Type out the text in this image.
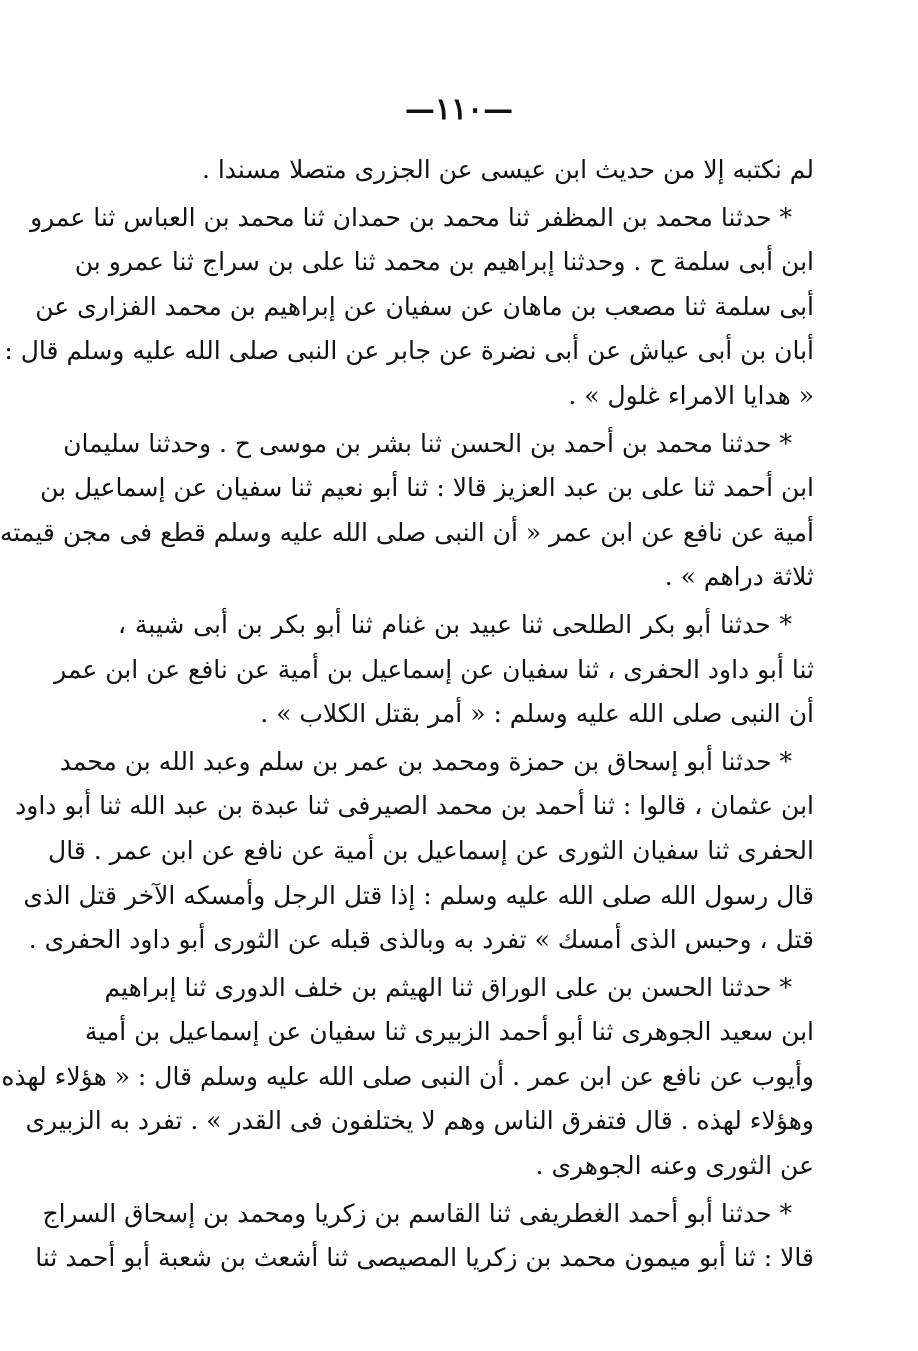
—١١٠—
لم نكتبه إلا من حديث ابن عيسى عن الجزرى متصلا مسندا .
* حدثنا محمد بن المظفر ثنا محمد بن حمدان ثنا محمد بن العباس ثنا عمرو
ابن أبى سلمة ح . وحدثنا إبراهيم بن محمد ثنا على بن سراج ثنا عمرو بن
أبى سلمة ثنا مصعب بن ماهان عن سفيان عن إبراهيم بن محمد الفزارى عن
أبان بن أبى عياش عن أبى نضرة عن جابر عن النبى صلى الله عليه وسلم قال :
« هدايا الامراء غلول » .
* حدثنا محمد بن أحمد بن الحسن ثنا بشر بن موسى ح . وحدثنا سليمان
ابن أحمد ثنا على بن عبد العزيز قالا : ثنا أبو نعيم ثنا سفيان عن إسماعيل بن
أمية عن نافع عن ابن عمر « أن النبى صلى الله عليه وسلم قطع فى مجن قيمته
ثلاثة دراهم » .
* حدثنا أبو بكر الطلحى ثنا عبيد بن غنام ثنا أبو بكر بن أبى شيبة ،
ثنا أبو داود الحفرى ، ثنا سفيان عن إسماعيل بن أمية عن نافع عن ابن عمر
أن النبى صلى الله عليه وسلم : « أمر بقتل الكلاب » .
* حدثنا أبو إسحاق بن حمزة ومحمد بن عمر بن سلم وعبد الله بن محمد
ابن عثمان ، قالوا : ثنا أحمد بن محمد الصيرفى ثنا عبدة بن عبد الله ثنا أبو داود
الحفرى ثنا سفيان الثورى عن إسماعيل بن أمية عن نافع عن ابن عمر . قال
قال رسول الله صلى الله عليه وسلم : إذا قتل الرجل وأمسكه الآخر قتل الذى
قتل ، وحبس الذى أمسك » تفرد به وبالذى قبله عن الثورى أبو داود الحفرى .
* حدثنا الحسن بن على الوراق ثنا الهيثم بن خلف الدورى ثنا إبراهيم
ابن سعيد الجوهرى ثنا أبو أحمد الزبيرى ثنا سفيان عن إسماعيل بن أمية
وأيوب عن نافع عن ابن عمر . أن النبى صلى الله عليه وسلم قال : « هؤلاء لهذه
وهؤلاء لهذه . قال فتفرق الناس وهم لا يختلفون فى القدر » . تفرد به الزبيرى
عن الثورى وعنه الجوهرى .
* حدثنا أبو أحمد الغطريفى ثنا القاسم بن زكريا ومحمد بن إسحاق السراج
قالا : ثنا أبو ميمون محمد بن زكريا المصيصى ثنا أشعث بن شعبة أبو أحمد ثنا
